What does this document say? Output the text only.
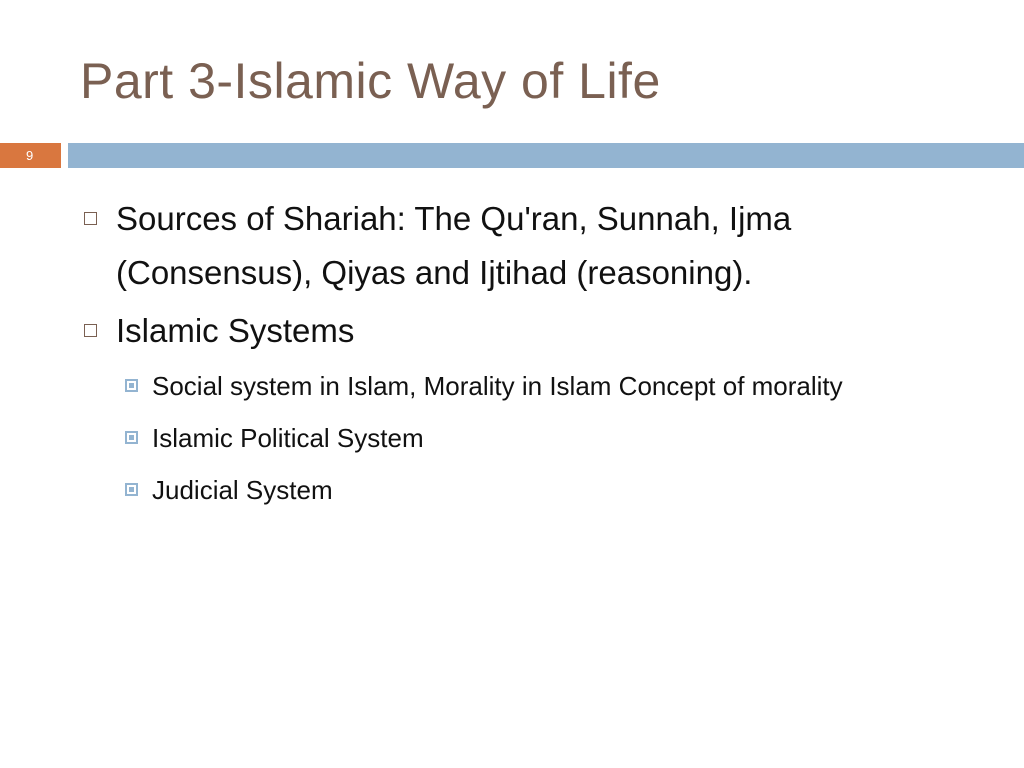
Part 3-Islamic Way of Life
9
Sources of Shariah: The Qu'ran, Sunnah, Ijma (Consensus), Qiyas and Ijtihad (reasoning).
Islamic Systems
Social system in Islam, Morality in Islam Concept of morality
Islamic Political System
Judicial System
